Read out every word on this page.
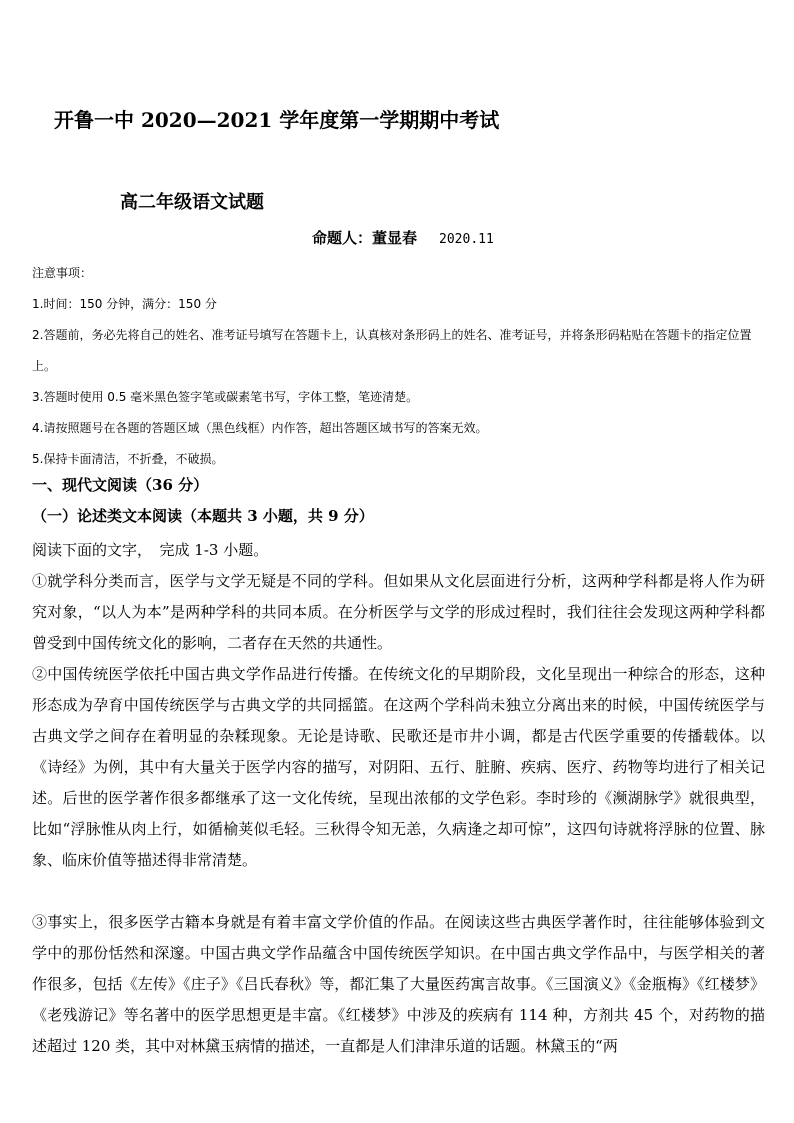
开鲁一中 2020—2021 学年度第一学期期中考试
高二年级语文试题
命题人：董显春 2020.11
注意事项：
1.时间：150 分钟，满分：150 分
2.答题前，务必先将自己的姓名、准考证号填写在答题卡上，认真核对条形码上的姓名、准考证号，并将条形码粘贴在答题卡的指定位置上。
3.答题时使用 0.5 毫米黑色签字笔或碳素笔书写，字体工整，笔迹清楚。
4.请按照题号在各题的答题区域（黑色线框）内作答，超出答题区域书写的答案无效。
5.保持卡面清洁，不折叠，不破损。
一、现代文阅读（36 分）
（一）论述类文本阅读（本题共 3 小题，共 9 分）

阅读下面的文字，　完成 1-3 小题。

①就学科分类而言，医学与文学无疑是不同的学科。但如果从文化层面进行分析，这两种学科都是将人作为研究对象，“以人为本”是两种学科的共同本质。在分析医学与文学的形成过程时，我们往往会发现这两种学科都曾受到中国传统文化的影响，二者存在天然的共通性。

②中国传统医学依托中国古典文学作品进行传播。在传统文化的早期阶段，文化呈现出一种综合的形态，这种形态成为孕育中国传统医学与古典文学的共同摇篮。在这两个学科尚未独立分离出来的时候，中国传统医学与古典文学之间存在着明显的杂糅现象。无论是诗歌、民歌还是市井小调，都是古代医学重要的传播载体。以《诗经》为例，其中有大量关于医学内容的描写，对阴阳、五行、脏腑、疾病、医疗、药物等均进行了相关记述。后世的医学著作很多都继承了这一文化传统，呈现出浓郁的文学色彩。李时珍的《濒湖脉学》就很典型，比如“浮脉惟从肉上行，如循榆荚似毛轻。三秋得令知无恙，久病逢之却可惊”，这四句诗就将浮脉的位置、脉象、临床价值等描述得非常清楚。

③事实上，很多医学古籍本身就是有着丰富文学价值的作品。在阅读这些古典医学著作时，往往能够体验到文学中的那份恬然和深邃。中国古典文学作品蕴含中国传统医学知识。在中国古典文学作品中，与医学相关的著作很多，包括《左传》《庄子》《吕氏春秋》等，都汇集了大量医药寓言故事。《三国演义》《金瓶梅》《红楼梦》《老残游记》等名著中的医学思想更是丰富。《红楼梦》中涉及的疾病有 114 种，方剂共 45 个，对药物的描述超过 120 类，其中对林黛玉病情的描述，一直都是人们津津乐道的话题。林黛玉的“两
